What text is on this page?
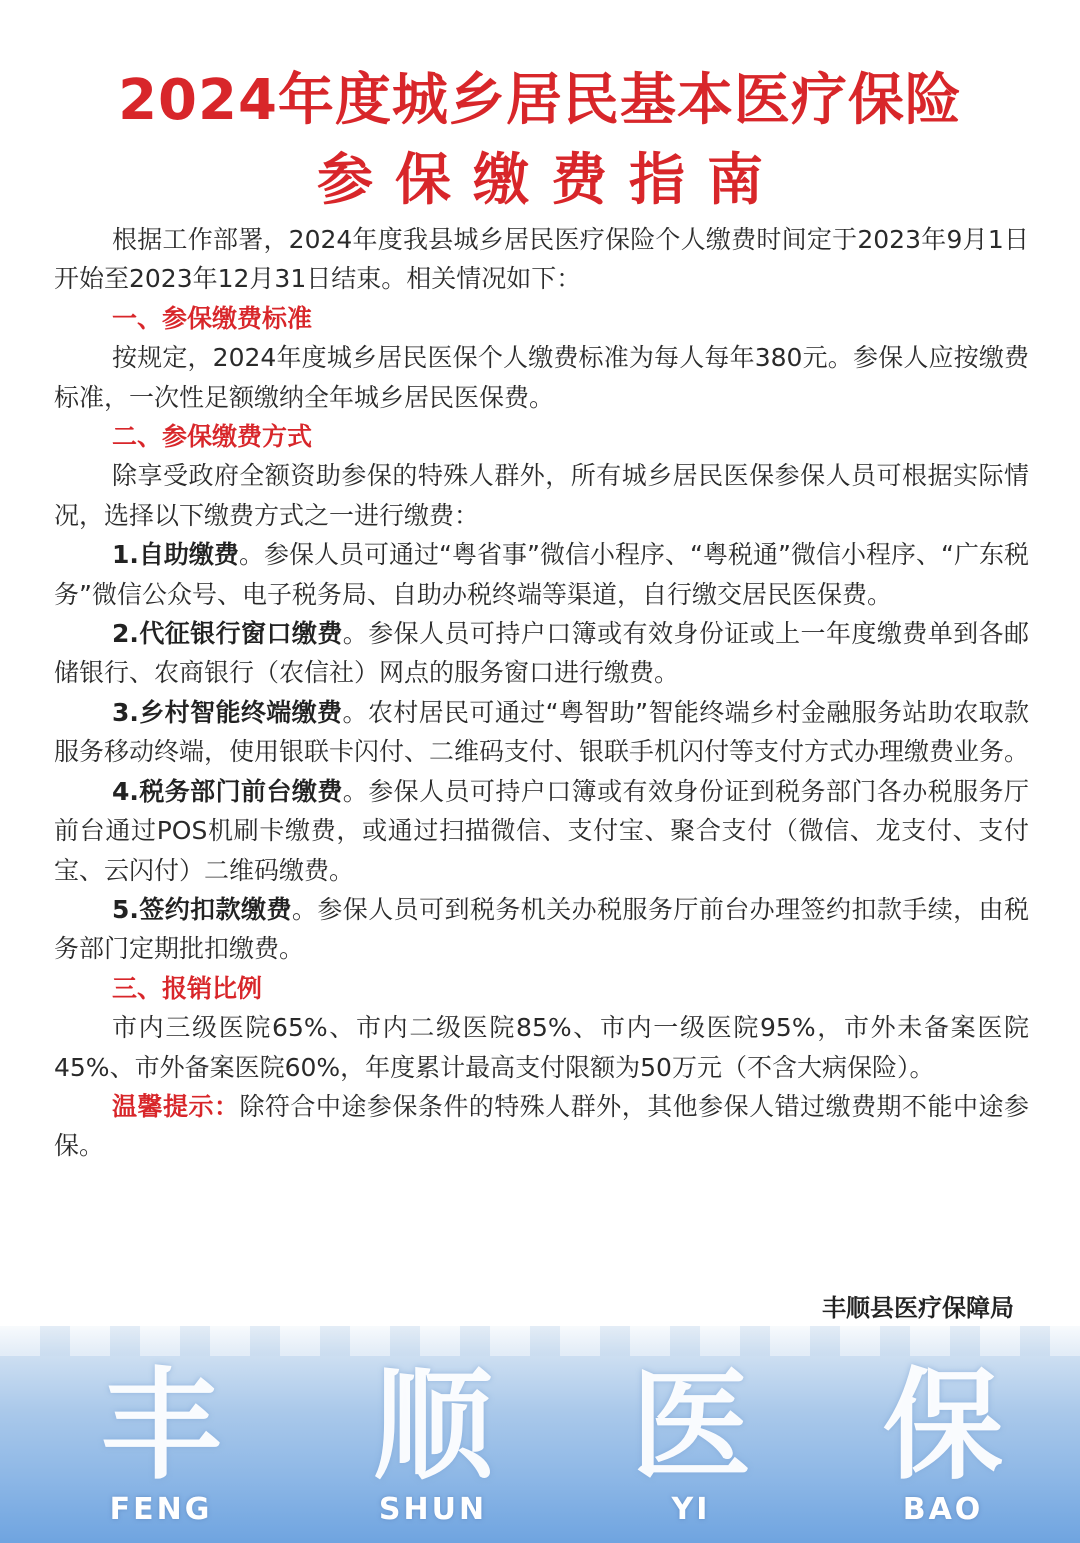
2024年度城乡居民基本医疗保险
参保缴费指南

根据工作部署，2024年度我县城乡居民医疗保险个人缴费时间定于2023年9月1日开始至2023年12月31日结束。相关情况如下：

一、参保缴费标准

按规定，2024年度城乡居民医保个人缴费标准为每人每年380元。参保人应按缴费标准，一次性足额缴纳全年城乡居民医保费。

二、参保缴费方式

除享受政府全额资助参保的特殊人群外，所有城乡居民医保参保人员可根据实际情况，选择以下缴费方式之一进行缴费：

1.自助缴费。参保人员可通过“粤省事”微信小程序、“粤税通”微信小程序、“广东税务”微信公众号、电子税务局、自助办税终端等渠道，自行缴交居民医保费。

2.代征银行窗口缴费。参保人员可持户口簿或有效身份证或上一年度缴费单到各邮储银行、农商银行（农信社）网点的服务窗口进行缴费。

3.乡村智能终端缴费。农村居民可通过“粤智助”智能终端乡村金融服务站助农取款服务移动终端，使用银联卡闪付、二维码支付、银联手机闪付等支付方式办理缴费业务。

4.税务部门前台缴费。参保人员可持户口簿或有效身份证到税务部门各办税服务厅前台通过POS机刷卡缴费，或通过扫描微信、支付宝、聚合支付（微信、龙支付、支付宝、云闪付）二维码缴费。

5.签约扣款缴费。参保人员可到税务机关办税服务厅前台办理签约扣款手续，由税务部门定期批扣缴费。

三、报销比例

市内三级医院65%、市内二级医院85%、市内一级医院95%，市外未备案医院45%、市外备案医院60%，年度累计最高支付限额为50万元（不含大病保险）。

温馨提示：除符合中途参保条件的特殊人群外，其他参保人错过缴费期不能中途参保。

丰顺县医疗保障局
丰 顺 医 保
FENG	SHUN	YI	BAO
